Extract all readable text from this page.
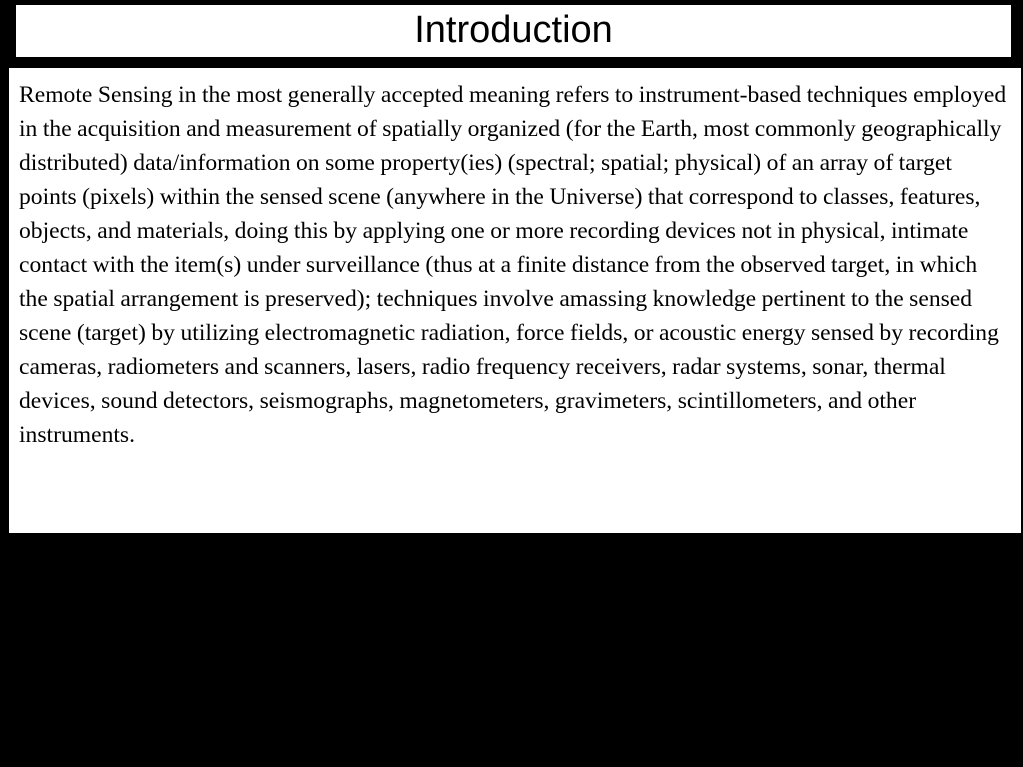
Introduction

Remote Sensing in the most generally accepted meaning refers to instrument-based techniques employed in the acquisition and measurement of spatially organized (for the Earth, most commonly geographically distributed) data/information on some property(ies) (spectral; spatial; physical) of an array of target points (pixels) within the sensed scene (anywhere in the Universe) that correspond to classes, features, objects, and materials, doing this by applying one or more recording devices not in physical, intimate contact with the item(s) under surveillance (thus at a finite distance from the observed target, in which the spatial arrangement is preserved); techniques involve amassing knowledge pertinent to the sensed scene (target) by utilizing electromagnetic radiation, force fields, or acoustic energy sensed by recording cameras, radiometers and scanners, lasers, radio frequency receivers, radar systems, sonar, thermal devices, sound detectors, seismographs, magnetometers, gravimeters, scintillometers, and other instruments.
